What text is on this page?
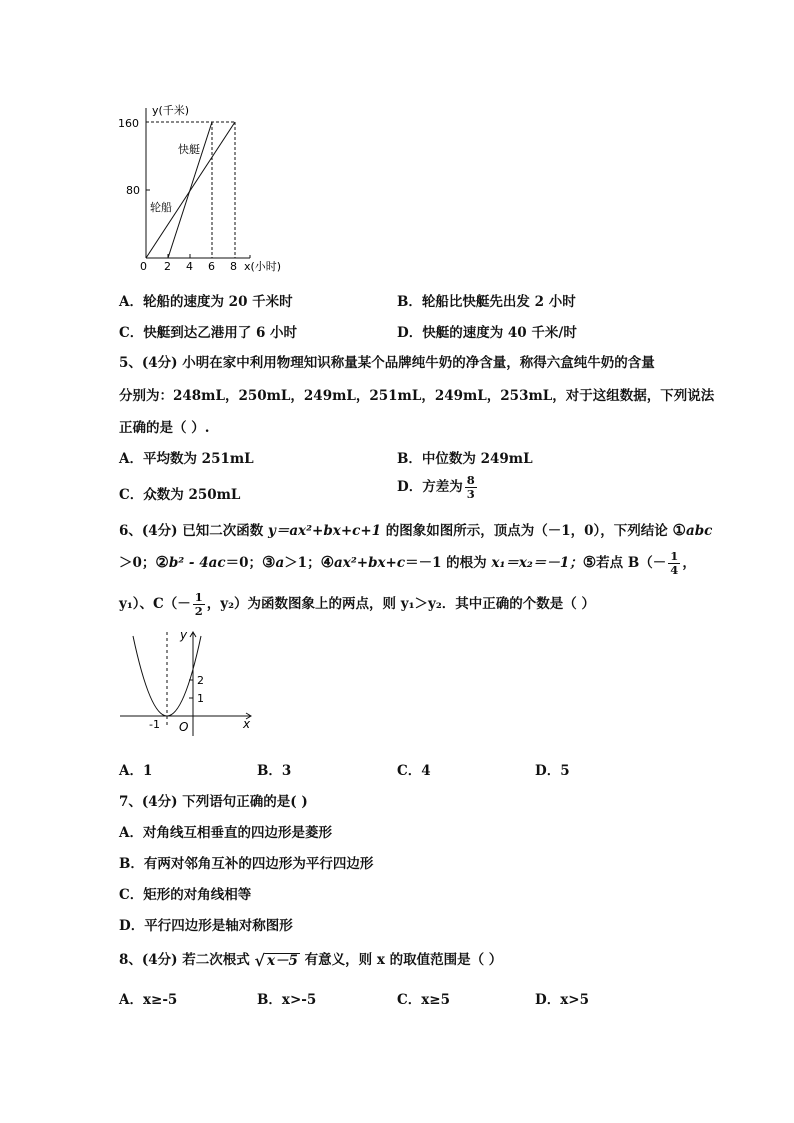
y(千米)
x(小时)
160
80
0 2 4 6 8
快艇
轮船
A．轮船的速度为 20 千米时	B．轮船比快艇先出发 2 小时
C．快艇到达乙港用了 6 小时	D．快艇的速度为 40 千米/时
5、(4分) 小明在家中利用物理知识称量某个品牌纯牛奶的净含量，称得六盒纯牛奶的含量
分别为：248mL，250mL，249mL，251mL，249mL，253mL，对于这组数据，下列说法
正确的是（ ）.
A．平均数为 251mL	B．中位数为 249mL
C．众数为 250mL	D．方差为 $\frac{8}{3}$
6、(4分) 已知二次函数 y＝ax²+bx+c+1 的图象如图所示，顶点为（－1，0），下列结论 ①abc
＞0；②b² - 4ac＝0；③a＞1；④ax²+bx+c＝－1 的根为 x₁＝x₂＝－1；⑤若点 $B(- \frac{1}{4}$ ，
y₁）、$C(- \frac{1}{2}$ ，y₂）为函数图象上的两点，则 y₁＞y₂．其中正确的个数是（ ）
y
x
O
2
1
-1
A．1	B．3	C．4	D．5
7、(4分) 下列语句正确的是( )
A．对角线互相垂直的四边形是菱形
B．有两对邻角互补的四边形为平行四边形
C．矩形的对角线相等
D．平行四边形是轴对称图形
8、(4分) 若二次根式 √ x－5 有意义，则 x 的取值范围是（ ）
A．x≥-5	B．x>-5	C．x≥5	D．x>5
